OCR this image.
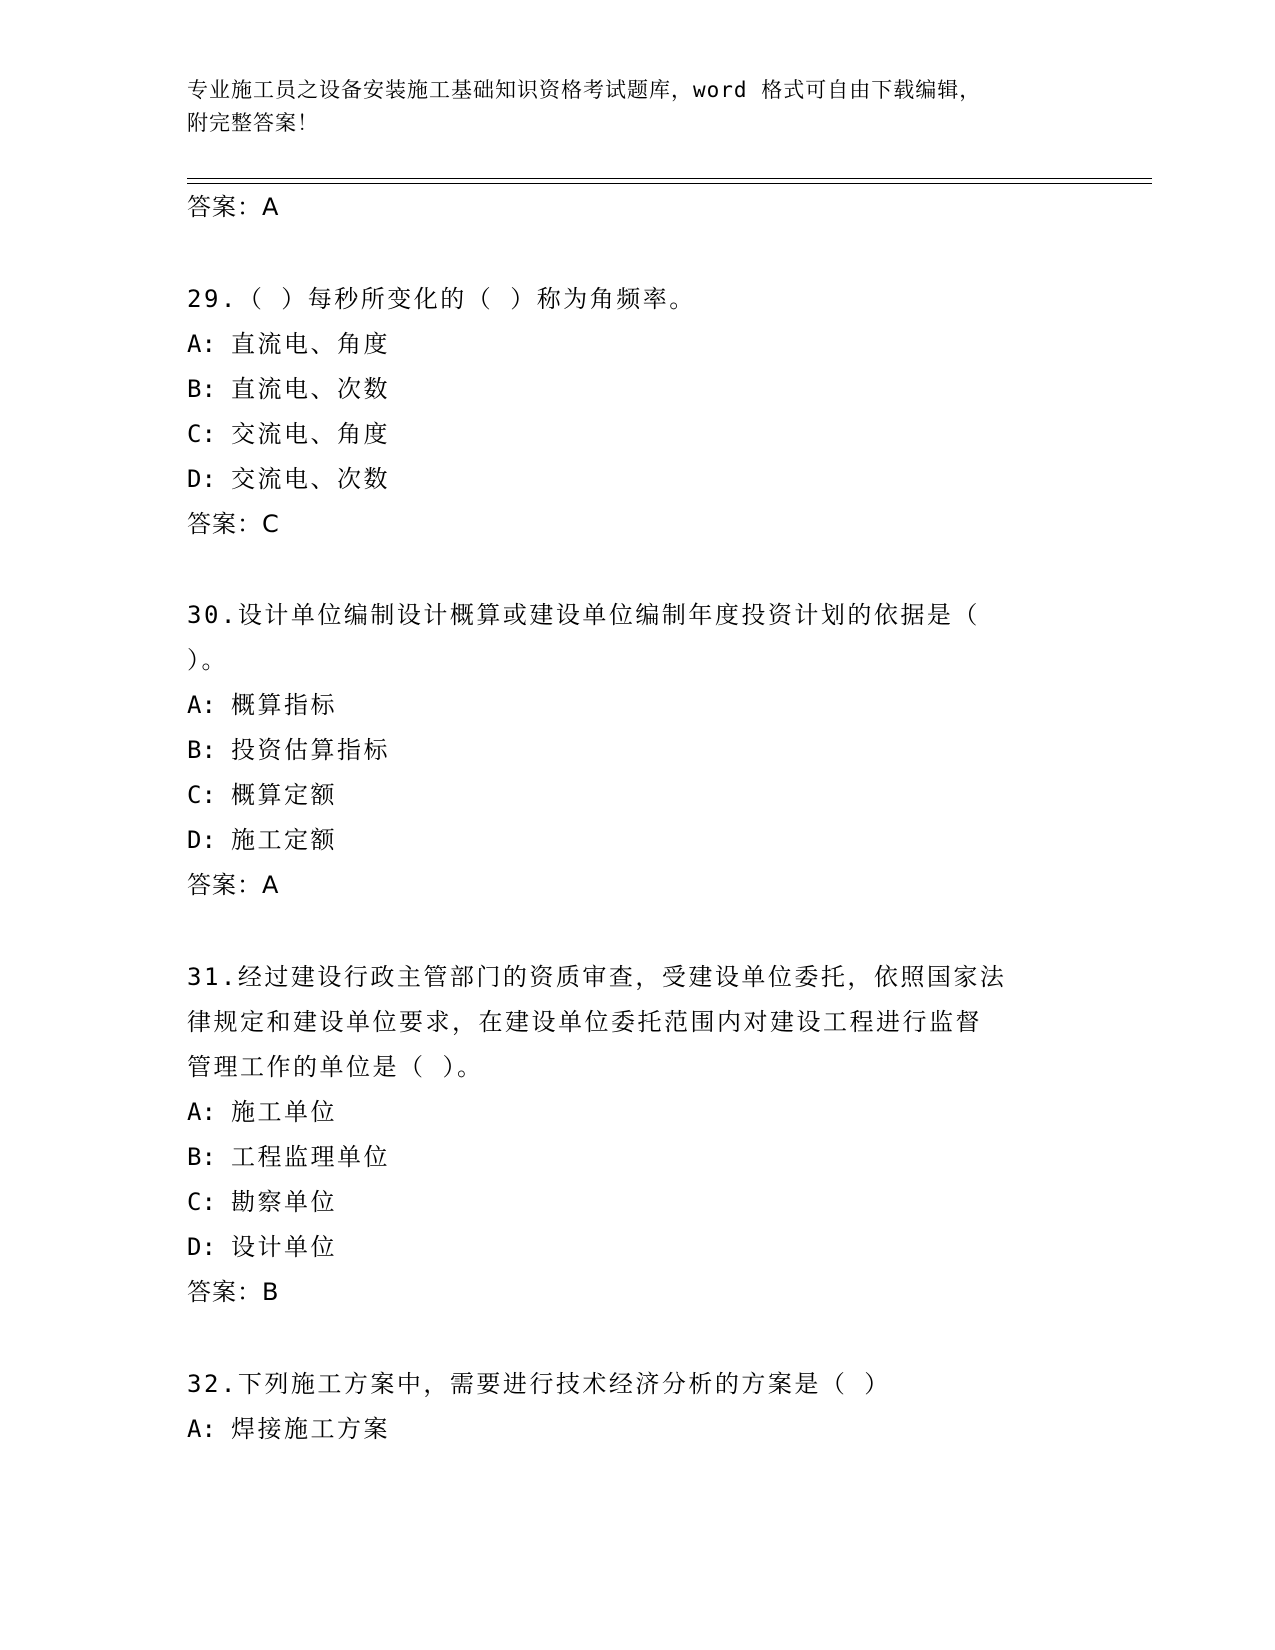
专业施工员之设备安装施工基础知识资格考试题库，word 格式可自由下载编辑，
附完整答案！
答案：A
29.（ ）每秒所变化的（ ）称为角频率。
A: 直流电、角度
B: 直流电、次数
C: 交流电、角度
D: 交流电、次数
答案：C
30.设计单位编制设计概算或建设单位编制年度投资计划的依据是（
）。
A: 概算指标
B: 投资估算指标
C: 概算定额
D: 施工定额
答案：A
31.经过建设行政主管部门的资质审查，受建设单位委托，依照国家法
律规定和建设单位要求，在建设单位委托范围内对建设工程进行监督
管理工作的单位是（ ）。
A: 施工单位
B: 工程监理单位
C: 勘察单位
D: 设计单位
答案：B
32.下列施工方案中，需要进行技术经济分析的方案是（ ）
A: 焊接施工方案
